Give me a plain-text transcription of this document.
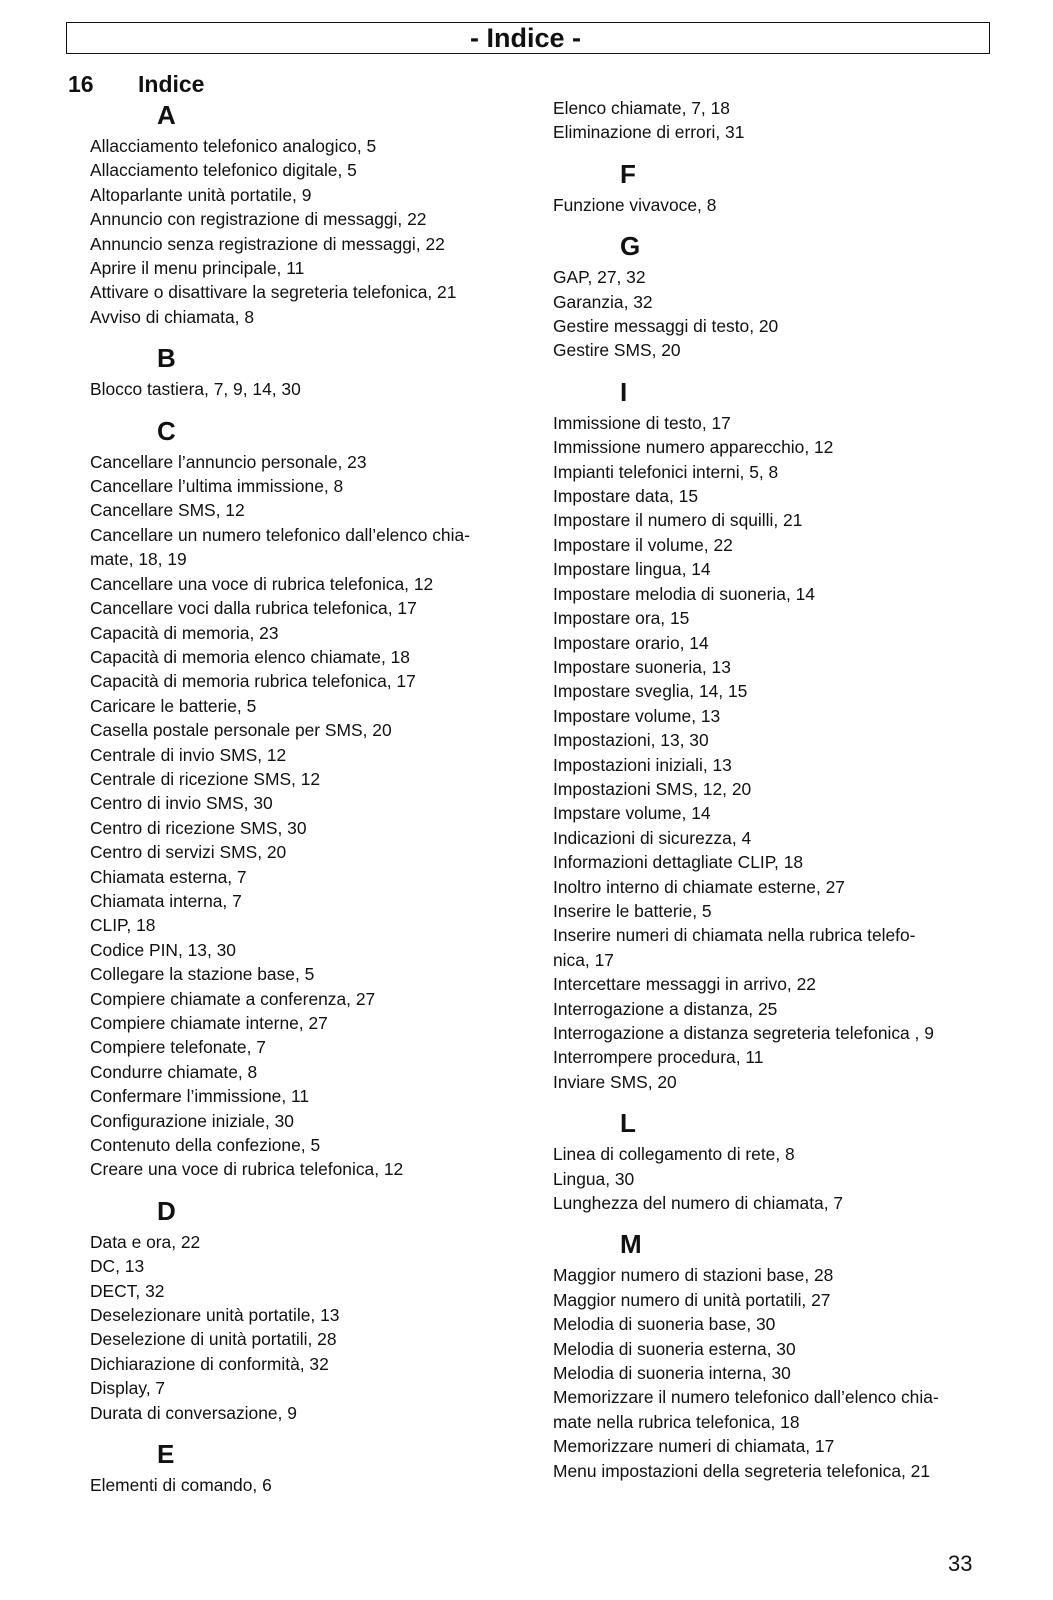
- Indice -
16 Indice
A
Allacciamento telefonico analogico, 5
Allacciamento telefonico digitale, 5
Altoparlante unità portatile, 9
Annuncio con registrazione di messaggi, 22
Annuncio senza registrazione di messaggi, 22
Aprire il menu principale, 11
Attivare o disattivare la segreteria telefonica, 21
Avviso di chiamata, 8
B
Blocco tastiera, 7, 9, 14, 30
C
Cancellare l’annuncio personale, 23
Cancellare l’ultima immissione, 8
Cancellare SMS, 12
Cancellare un numero telefonico dall’elenco chia-
mate, 18, 19
Cancellare una voce di rubrica telefonica, 12
Cancellare voci dalla rubrica telefonica, 17
Capacità di memoria, 23
Capacità di memoria elenco chiamate, 18
Capacità di memoria rubrica telefonica, 17
Caricare le batterie, 5
Casella postale personale per SMS, 20
Centrale di invio SMS, 12
Centrale di ricezione SMS, 12
Centro di invio SMS, 30
Centro di ricezione SMS, 30
Centro di servizi SMS, 20
Chiamata esterna, 7
Chiamata interna, 7
CLIP, 18
Codice PIN, 13, 30
Collegare la stazione base, 5
Compiere chiamate a conferenza, 27
Compiere chiamate interne, 27
Compiere telefonate, 7
Condurre chiamate, 8
Confermare l’immissione, 11
Configurazione iniziale, 30
Contenuto della confezione, 5
Creare una voce di rubrica telefonica, 12
D
Data e ora, 22
DC, 13
DECT, 32
Deselezionare unità portatile, 13
Deselezione di unità portatili, 28
Dichiarazione di conformità, 32
Display, 7
Durata di conversazione, 9
E
Elementi di comando, 6
Elenco chiamate, 7, 18
Eliminazione di errori, 31
F
Funzione vivavoce, 8
G
GAP, 27, 32
Garanzia, 32
Gestire messaggi di testo, 20
Gestire SMS, 20
I
Immissione di testo, 17
Immissione numero apparecchio, 12
Impianti telefonici interni, 5, 8
Impostare data, 15
Impostare il numero di squilli, 21
Impostare il volume, 22
Impostare lingua, 14
Impostare melodia di suoneria, 14
Impostare ora, 15
Impostare orario, 14
Impostare suoneria, 13
Impostare sveglia, 14, 15
Impostare volume, 13
Impostazioni, 13, 30
Impostazioni iniziali, 13
Impostazioni SMS, 12, 20
Impstare volume, 14
Indicazioni di sicurezza, 4
Informazioni dettagliate CLIP, 18
Inoltro interno di chiamate esterne, 27
Inserire le batterie, 5
Inserire numeri di chiamata nella rubrica telefo-
nica, 17
Intercettare messaggi in arrivo, 22
Interrogazione a distanza, 25
Interrogazione a distanza segreteria telefonica , 9
Interrompere procedura, 11
Inviare SMS, 20
L
Linea di collegamento di rete, 8
Lingua, 30
Lunghezza del numero di chiamata, 7
M
Maggior numero di stazioni base, 28
Maggior numero di unità portatili, 27
Melodia di suoneria base, 30
Melodia di suoneria esterna, 30
Melodia di suoneria interna, 30
Memorizzare il numero telefonico dall’elenco chia-
mate nella rubrica telefonica, 18
Memorizzare numeri di chiamata, 17
Menu impostazioni della segreteria telefonica, 21
33
